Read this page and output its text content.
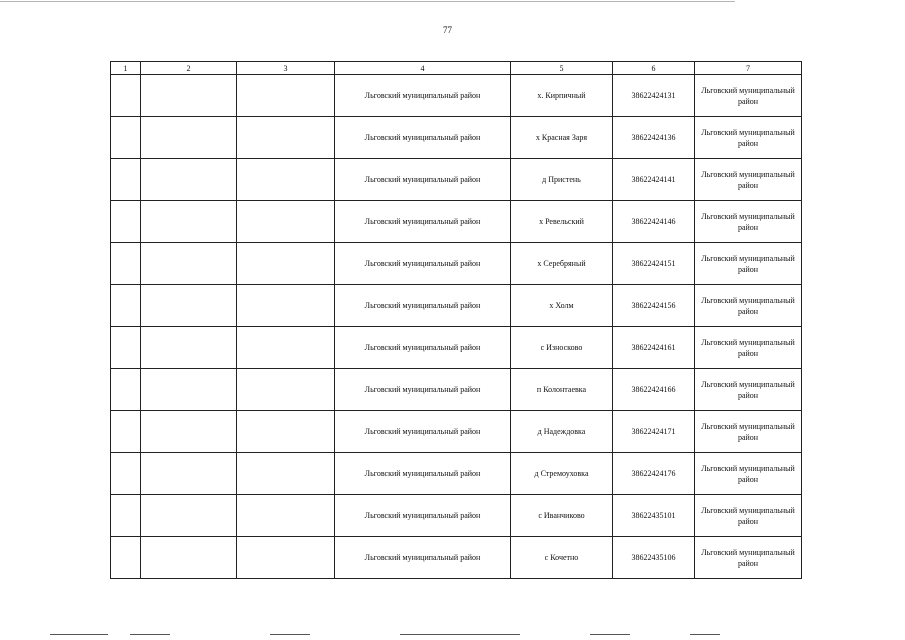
77
1	2	3	4	5	6	7
			Льговский муниципальный район	х. Кирпичный	38622424131	Льговский муниципальный район
			Льговский муниципальный район	х Красная Заря	38622424136	Льговский муниципальный район
			Льговский муниципальный район	д Пристень	38622424141	Льговский муниципальный район
			Льговский муниципальный район	х Ревельский	38622424146	Льговский муниципальный район
			Льговский муниципальный район	х Серебряный	38622424151	Льговский муниципальный район
			Льговский муниципальный район	х Холм	38622424156	Льговский муниципальный район
			Льговский муниципальный район	с Износково	38622424161	Льговский муниципальный район
			Льговский муниципальный район	п Колонтаевка	38622424166	Льговский муниципальный район
			Льговский муниципальный район	д Надеждовка	38622424171	Льговский муниципальный район
			Льговский муниципальный район	д Стремоуховка	38622424176	Льговский муниципальный район
			Льговский муниципальный район	с Иванчиково	38622435101	Льговский муниципальный район
			Льговский муниципальный район	с Кочетно	38622435106	Льговский муниципальный район
